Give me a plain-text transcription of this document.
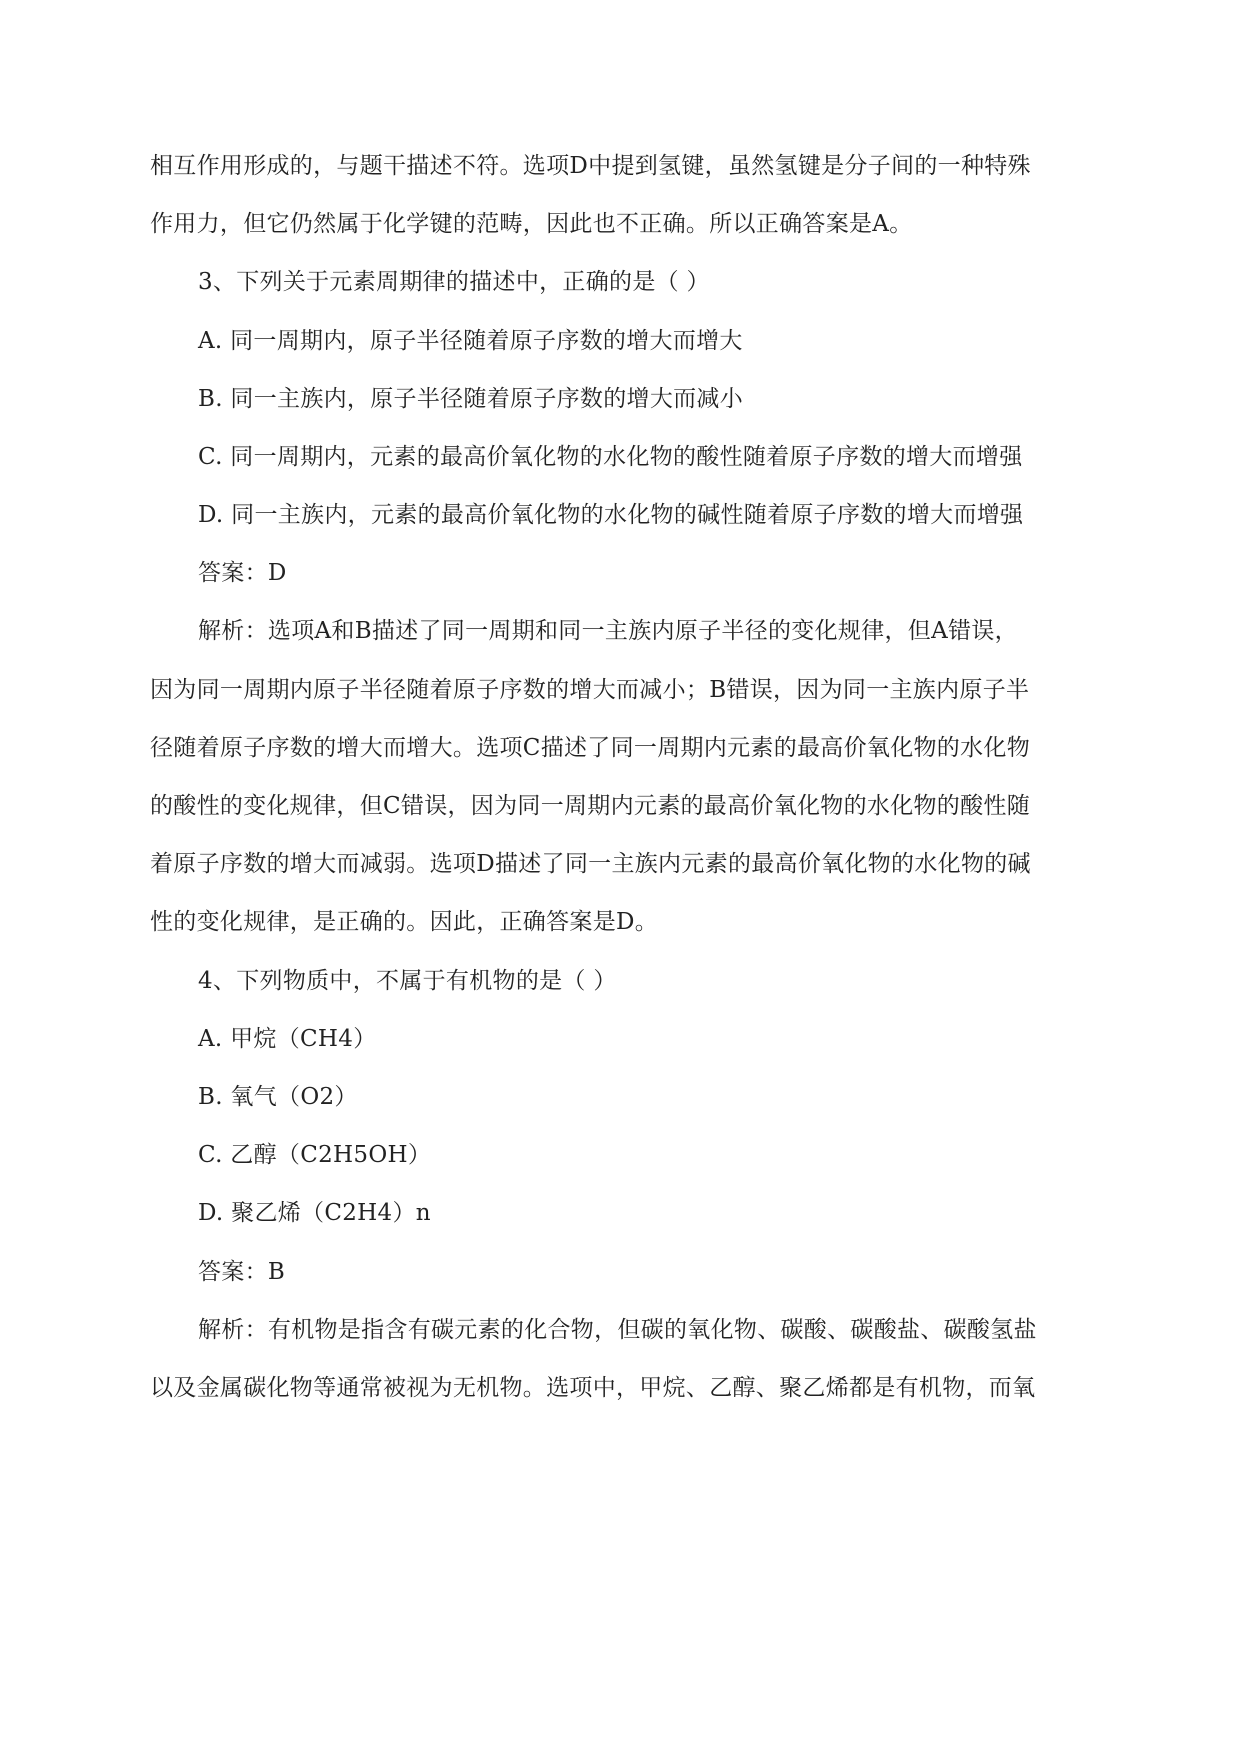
相互作用形成的，与题干描述不符。选项D中提到氢键，虽然氢键是分子间的一种特殊
作用力，但它仍然属于化学键的范畴，因此也不正确。所以正确答案是A。
3、下列关于元素周期律的描述中，正确的是（ ）
A. 同一周期内，原子半径随着原子序数的增大而增大
B. 同一主族内，原子半径随着原子序数的增大而减小
C. 同一周期内，元素的最高价氧化物的水化物的酸性随着原子序数的增大而增强
D. 同一主族内，元素的最高价氧化物的水化物的碱性随着原子序数的增大而增强
答案：D
解析：选项A和B描述了同一周期和同一主族内原子半径的变化规律，但A错误，
因为同一周期内原子半径随着原子序数的增大而减小；B错误，因为同一主族内原子半
径随着原子序数的增大而增大。选项C描述了同一周期内元素的最高价氧化物的水化物
的酸性的变化规律，但C错误，因为同一周期内元素的最高价氧化物的水化物的酸性随
着原子序数的增大而减弱。选项D描述了同一主族内元素的最高价氧化物的水化物的碱
性的变化规律，是正确的。因此，正确答案是D。
4、下列物质中，不属于有机物的是（ ）
A. 甲烷（CH4）
B. 氧气（O2）
C. 乙醇（C2H5OH）
D. 聚乙烯（C2H4）n
答案：B
解析：有机物是指含有碳元素的化合物，但碳的氧化物、碳酸、碳酸盐、碳酸氢盐
以及金属碳化物等通常被视为无机物。选项中，甲烷、乙醇、聚乙烯都是有机物，而氧
